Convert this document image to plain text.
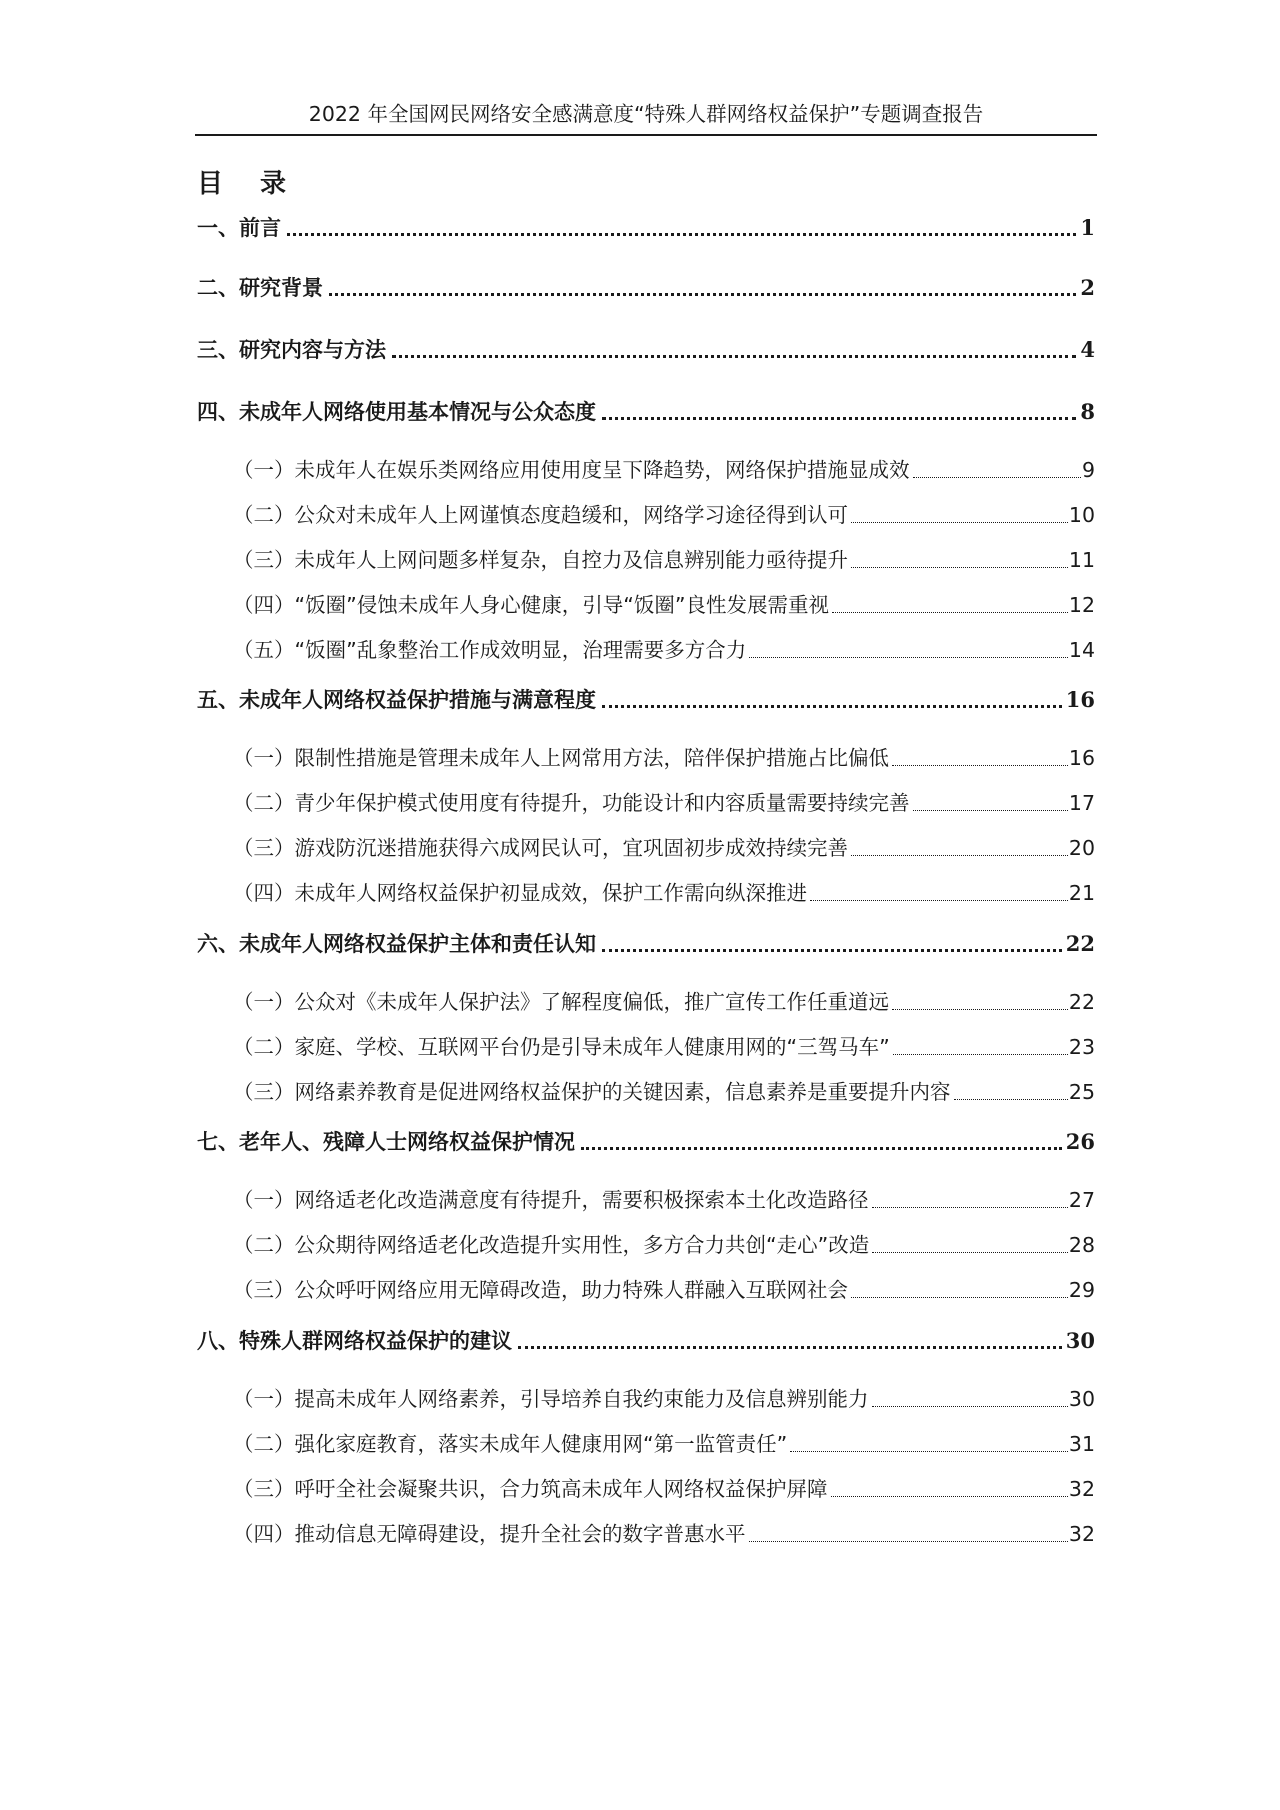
2022 年全国网民网络安全感满意度“特殊人群网络权益保护”专题调查报告
目 录
一、前言	1
二、研究背景	2
三、研究内容与方法	4
四、未成年人网络使用基本情况与公众态度	8
（一）未成年人在娱乐类网络应用使用度呈下降趋势，网络保护措施显成效	9
（二）公众对未成年人上网谨慎态度趋缓和，网络学习途径得到认可	10
（三）未成年人上网问题多样复杂，自控力及信息辨别能力亟待提升	11
（四）“饭圈”侵蚀未成年人身心健康，引导“饭圈”良性发展需重视	12
（五）“饭圈”乱象整治工作成效明显，治理需要多方合力	14
五、未成年人网络权益保护措施与满意程度	16
（一）限制性措施是管理未成年人上网常用方法，陪伴保护措施占比偏低	16
（二）青少年保护模式使用度有待提升，功能设计和内容质量需要持续完善	17
（三）游戏防沉迷措施获得六成网民认可，宜巩固初步成效持续完善	20
（四）未成年人网络权益保护初显成效，保护工作需向纵深推进	21
六、未成年人网络权益保护主体和责任认知	22
（一）公众对《未成年人保护法》了解程度偏低，推广宣传工作任重道远	22
（二）家庭、学校、互联网平台仍是引导未成年人健康用网的“三驾马车”	23
（三）网络素养教育是促进网络权益保护的关键因素，信息素养是重要提升内容	25
七、老年人、残障人士网络权益保护情况	26
（一）网络适老化改造满意度有待提升，需要积极探索本土化改造路径	27
（二）公众期待网络适老化改造提升实用性，多方合力共创“走心”改造	28
（三）公众呼吁网络应用无障碍改造，助力特殊人群融入互联网社会	29
八、特殊人群网络权益保护的建议	30
（一）提高未成年人网络素养，引导培养自我约束能力及信息辨别能力	30
（二）强化家庭教育，落实未成年人健康用网“第一监管责任”	31
（三）呼吁全社会凝聚共识，合力筑高未成年人网络权益保护屏障	32
（四）推动信息无障碍建设，提升全社会的数字普惠水平	32
